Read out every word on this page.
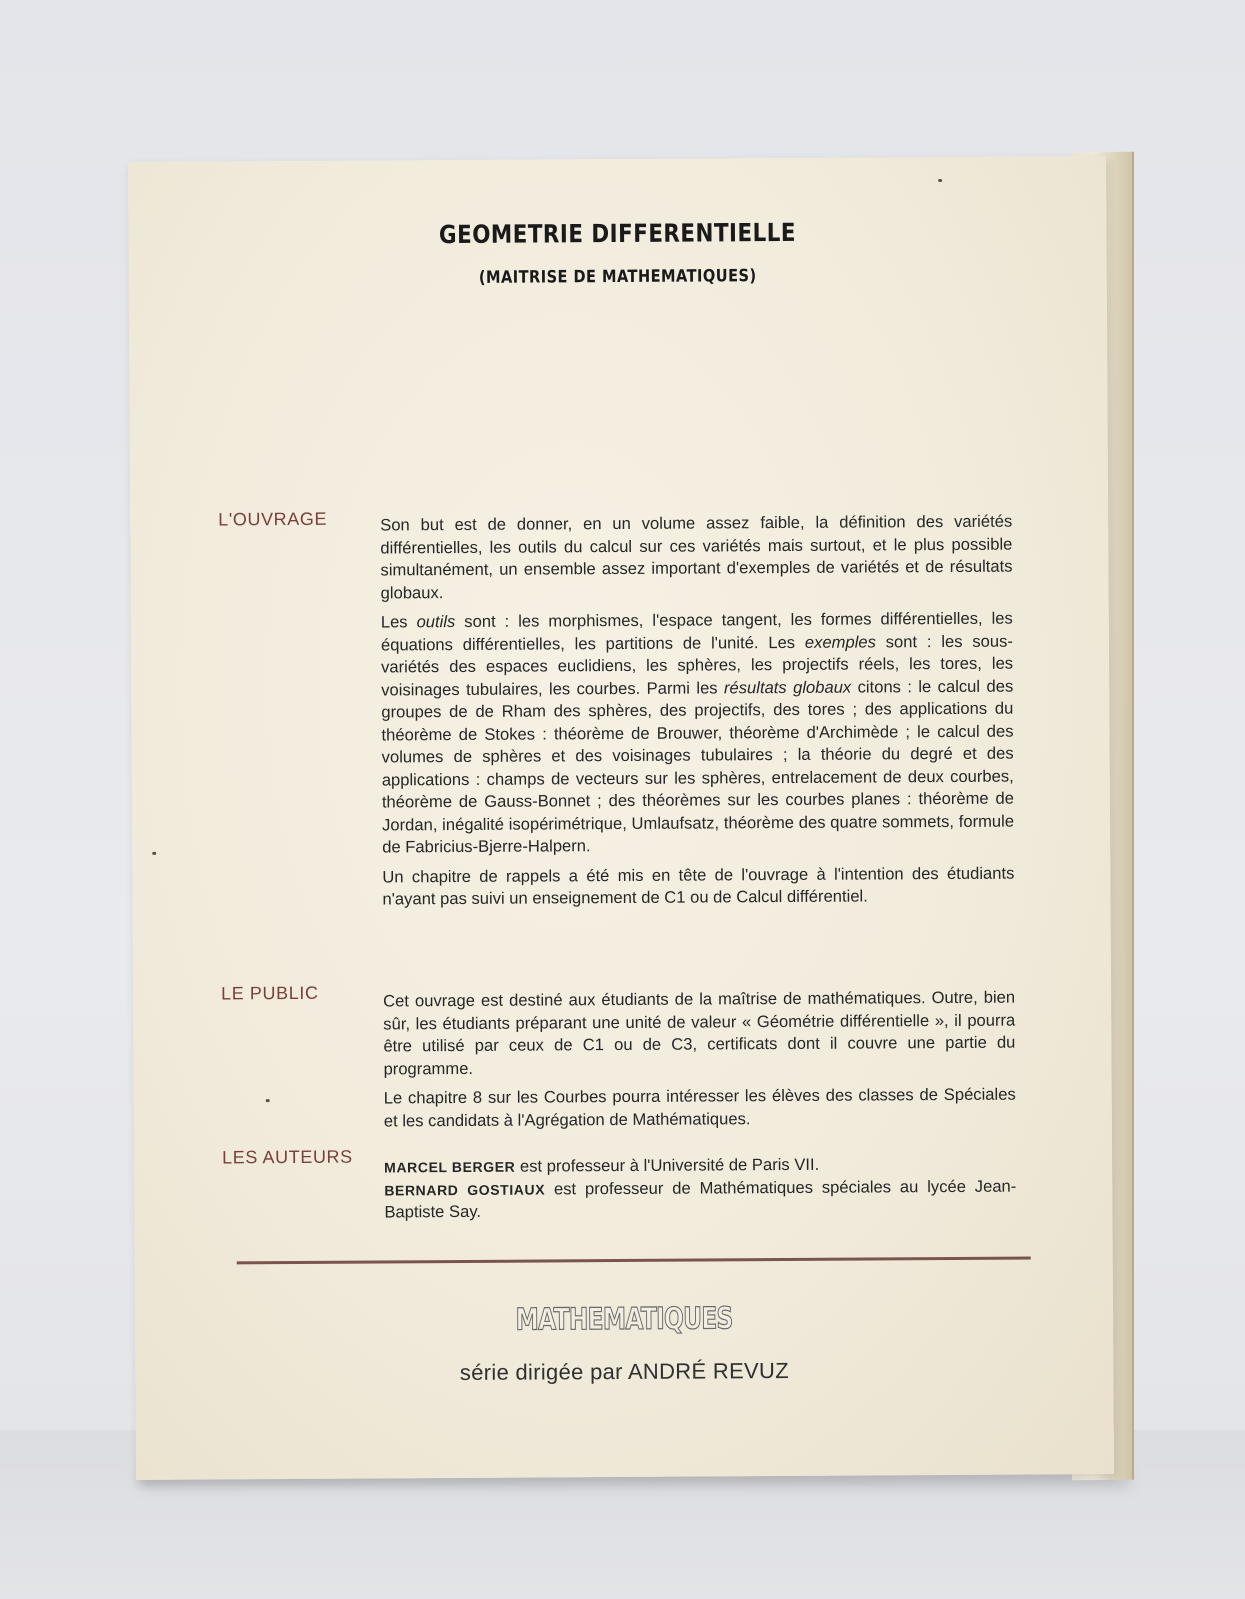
GEOMETRIE DIFFERENTIELLE
(MAITRISE DE MATHEMATIQUES)
L'OUVRAGE	Son but est de donner, en un volume assez faible, la définition des variétés différentielles, les outils du calcul sur ces variétés mais surtout, et le plus possible simultanément, un ensemble assez important d'exemples de variétés et de résultats globaux.

Les outils sont : les morphismes, l'espace tangent, les formes différentielles, les équations différentielles, les partitions de l'unité. Les exemples sont : les sous-variétés des espaces euclidiens, les sphères, les projectifs réels, les tores, les voisinages tubulaires, les courbes. Parmi les résultats globaux citons : le calcul des groupes de de Rham des sphères, des projectifs, des tores ; des applications du théorème de Stokes : théorème de Brouwer, théorème d'Archimède ; le calcul des volumes de sphères et des voisinages tubulaires ; la théorie du degré et des applications : champs de vecteurs sur les sphères, entrelacement de deux courbes, théorème de Gauss-Bonnet ; des théorèmes sur les courbes planes : théorème de Jordan, inégalité isopérimétrique, Umlaufsatz, théorème des quatre sommets, formule de Fabricius-Bjerre-Halpern.

Un chapitre de rappels a été mis en tête de l'ouvrage à l'intention des étudiants n'ayant pas suivi un enseignement de C1 ou de Calcul différentiel.

LE PUBLIC	Cet ouvrage est destiné aux étudiants de la maîtrise de mathématiques. Outre, bien sûr, les étudiants préparant une unité de valeur « Géométrie différentielle », il pourra être utilisé par ceux de C1 ou de C3, certificats dont il couvre une partie du programme.

Le chapitre 8 sur les Courbes pourra intéresser les élèves des classes de Spéciales et les candidats à l'Agrégation de Mathématiques.

LES AUTEURS MARCEL BERGER est professeur à l'Université de Paris VII.

BERNARD GOSTIAUX est professeur de Mathématiques spéciales au lycée Jean-Baptiste Say.

MATHEMATIQUES
série dirigée par ANDRÉ REVUZ
